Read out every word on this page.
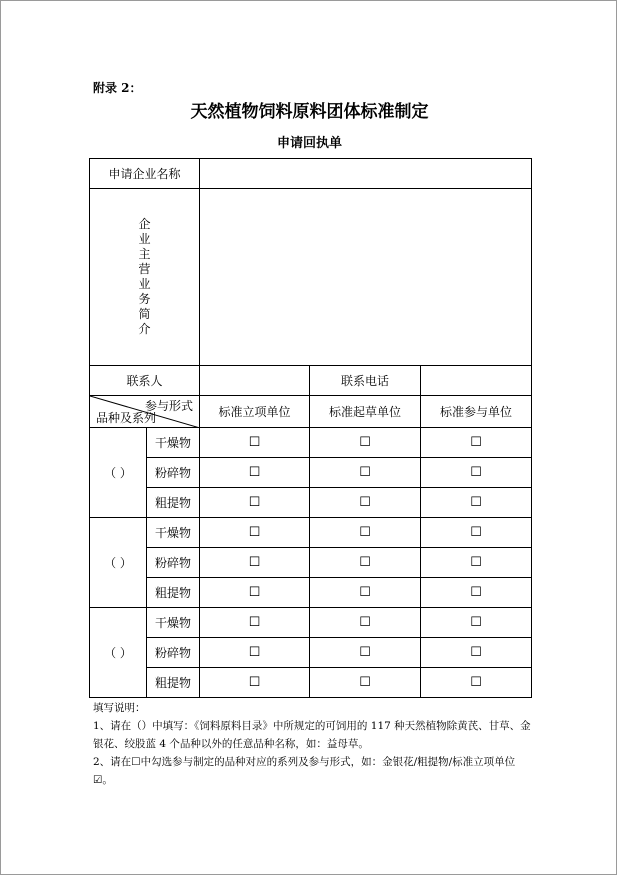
附录 2：
天然植物饲料原料团体标准制定
申请回执单
申请企业名称				
企业主营业务简介				
联系人			联系电话	

参与形式
品种及系列		标准立项单位	标准起草单位	标准参与单位
（ ）	干燥物	☐	☐	☐
	粉碎物	☐	☐	☐
	粗提物	☐	☐	☐
（ ）	干燥物	☐	☐	☐
	粉碎物	☐	☐	☐
	粗提物	☐	☐	☐
（ ）	干燥物	☐	☐	☐
	粉碎物	☐	☐	☐
	粗提物	☐	☐	☐
填写说明：
1、请在（）中填写：《饲料原料目录》中所规定的可饲用的 117 种天然植物除黄芪、甘草、金银花、绞股蓝 4 个品种以外的任意品种名称，如：益母草。
2、请在☐中勾选参与制定的品种对应的系列及参与形式，如：金银花/粗提物/标准立项单位☑。
